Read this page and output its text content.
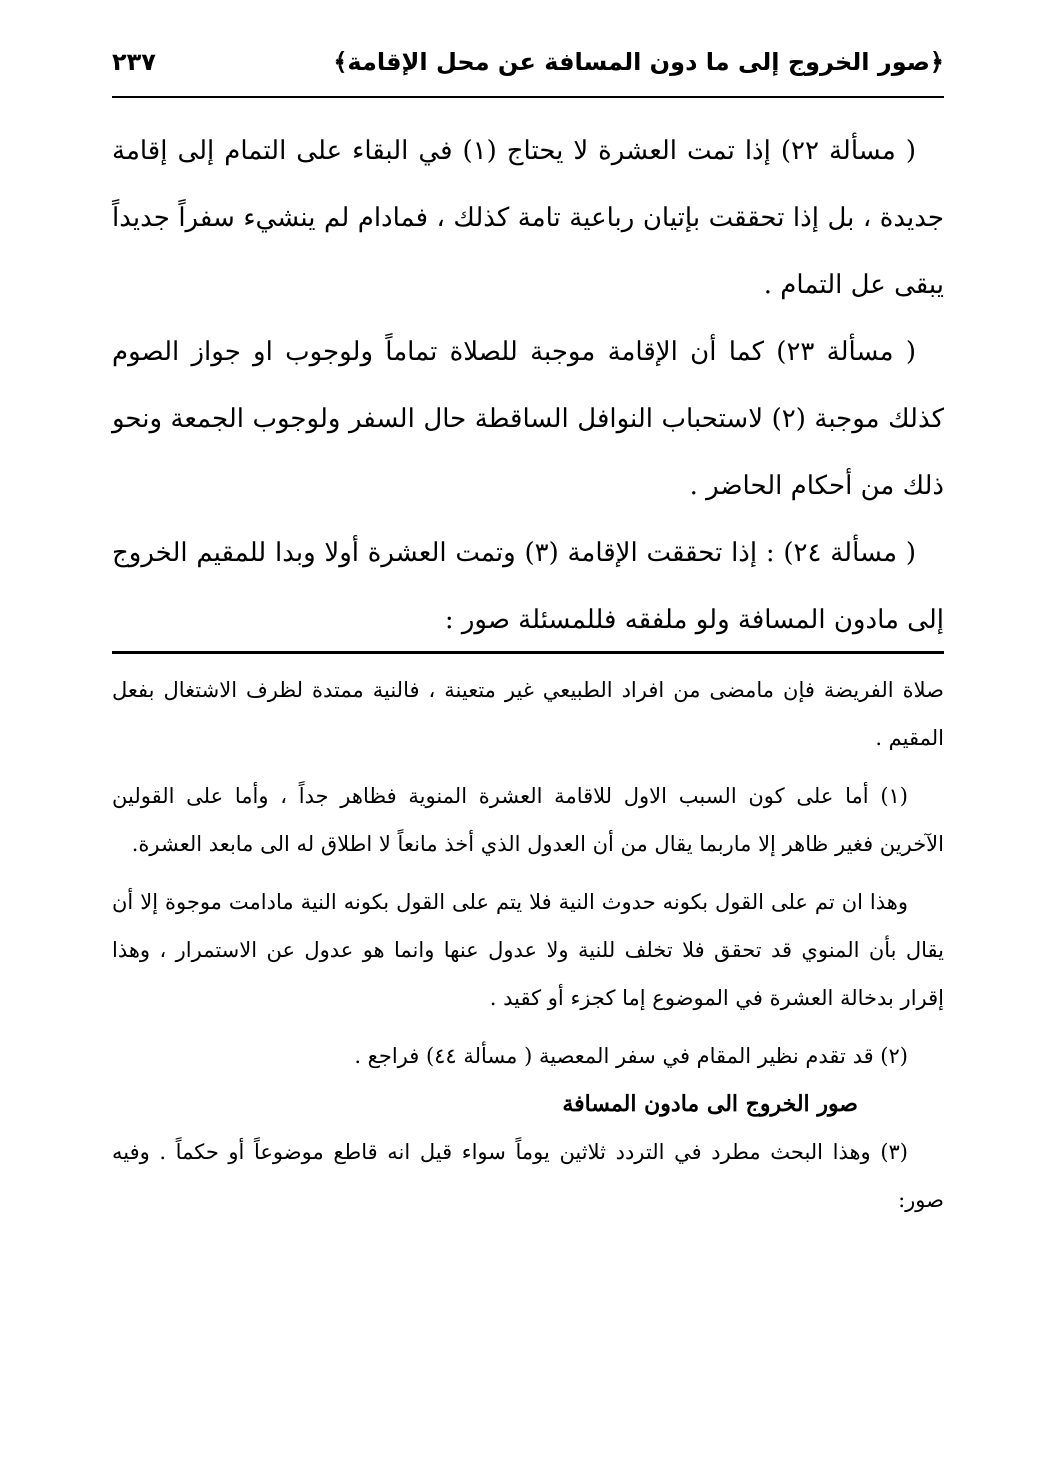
﴿صور الخروج إلى ما دون المسافة عن محل الإقامة﴾
٢٣٧

( مسألة ٢٢) إذا تمت العشرة لا يحتاج (١) في البقاء على التمام إلى إقامة جديدة ، بل إذا تحققت بإتيان رباعية تامة كذلك ، فمادام لم ينشيء سفراً جديداً يبقى عل التمام .

( مسألة ٢٣) كما أن الإقامة موجبة للصلاة تماماً ولوجوب او جواز الصوم كذلك موجبة (٢) لاستحباب النوافل الساقطة حال السفر ولوجوب الجمعة ونحو ذلك من أحكام الحاضر .

( مسألة ٢٤) : إذا تحققت الإقامة (٣) وتمت العشرة أولا وبدا للمقيم الخروج إلى مادون المسافة ولو ملفقه فللمسئلة صور :

صلاة الفريضة فإن مامضى من افراد الطبيعي غير متعينة ، فالنية ممتدة لظرف الاشتغال بفعل المقيم .

(١) أما على كون السبب الاول للاقامة العشرة المنوية فظاهر جداً ، وأما على القولين الآخرين فغير ظاهر إلا ماربما يقال من أن العدول الذي أخذ مانعاً لا اطلاق له الى مابعد العشرة.

وهذا ان تم على القول بكونه حدوث النية فلا يتم على القول بكونه النية مادامت موجوة إلا أن يقال بأن المنوي قد تحقق فلا تخلف للنية ولا عدول عنها وانما هو عدول عن الاستمرار ، وهذا إقرار بدخالة العشرة في الموضوع إما كجزء أو كقيد .

(٢) قد تقدم نظير المقام في سفر المعصية ( مسألة ٤٤) فراجع .

صور الخروج الى مادون المسافة

(٣) وهذا البحث مطرد في التردد ثلاثين يوماً سواء قيل انه قاطع موضوعاً أو حكماً . وفيه صور:
